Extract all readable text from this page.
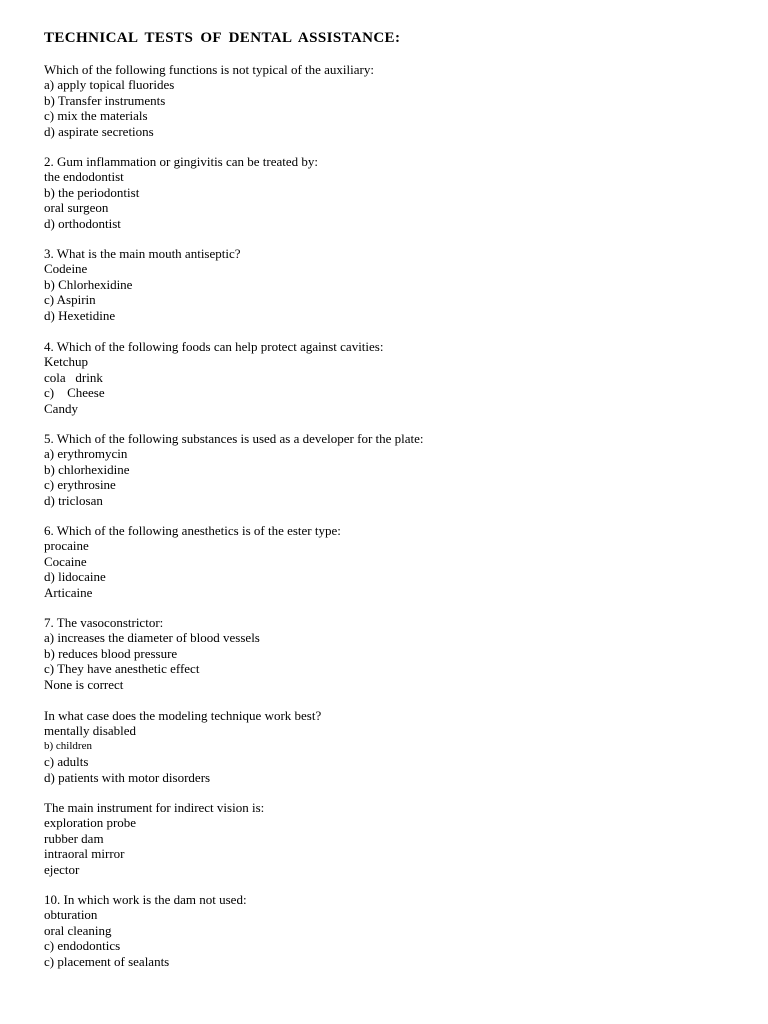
TECHNICAL TESTS OF DENTAL ASSISTANCE:
Which of the following functions is not typical of the auxiliary:
a) apply topical fluorides
b) Transfer instruments
c) mix the materials
d) aspirate secretions
2. Gum inflammation or gingivitis can be treated by:
the endodontist
b) the periodontist
oral surgeon
d) orthodontist
3. What is the main mouth antiseptic?
Codeine
b) Chlorhexidine
c) Aspirin
d) Hexetidine
4. Which of the following foods can help protect against cavities:
Ketchup
cola   drink
c)    Cheese
Candy
5. Which of the following substances is used as a developer for the plate:
a) erythromycin
b) chlorhexidine
c) erythrosine
d) triclosan
6. Which of the following anesthetics is of the ester type:
procaine
Cocaine
d) lidocaine
Articaine
7. The vasoconstrictor:
a) increases the diameter of blood vessels
b) reduces blood pressure
c) They have anesthetic effect
None is correct
In what case does the modeling technique work best?
mentally disabled
b) children
c) adults
d) patients with motor disorders
The main instrument for indirect vision is:
exploration probe
rubber dam
intraoral mirror
ejector
10. In which work is the dam not used:
obturation
oral cleaning
c) endodontics
c) placement of sealants
